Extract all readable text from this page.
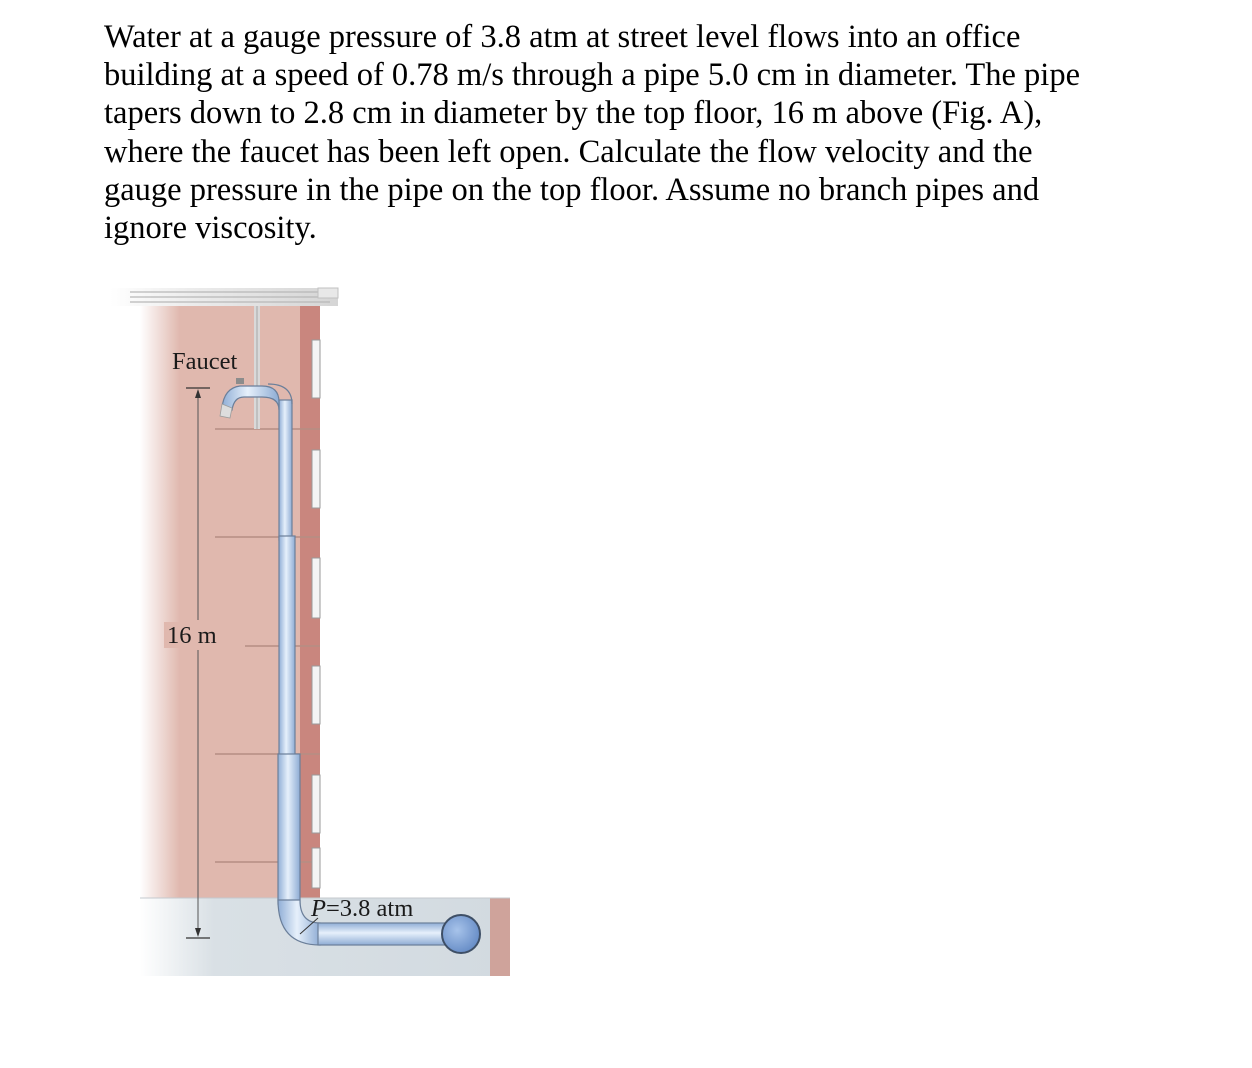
Water at a gauge pressure of 3.8 atm at street level flows into an office building at a speed of 0.78 m/s through a pipe 5.0 cm in diameter. The pipe tapers down to 2.8 cm in diameter by the top floor, 16 m above (Fig. A), where the faucet has been left open. Calculate the flow velocity and the gauge pressure in the pipe on the top floor. Assume no branch pipes and ignore viscosity.

Faucet
16 m
P=3.8 atm
